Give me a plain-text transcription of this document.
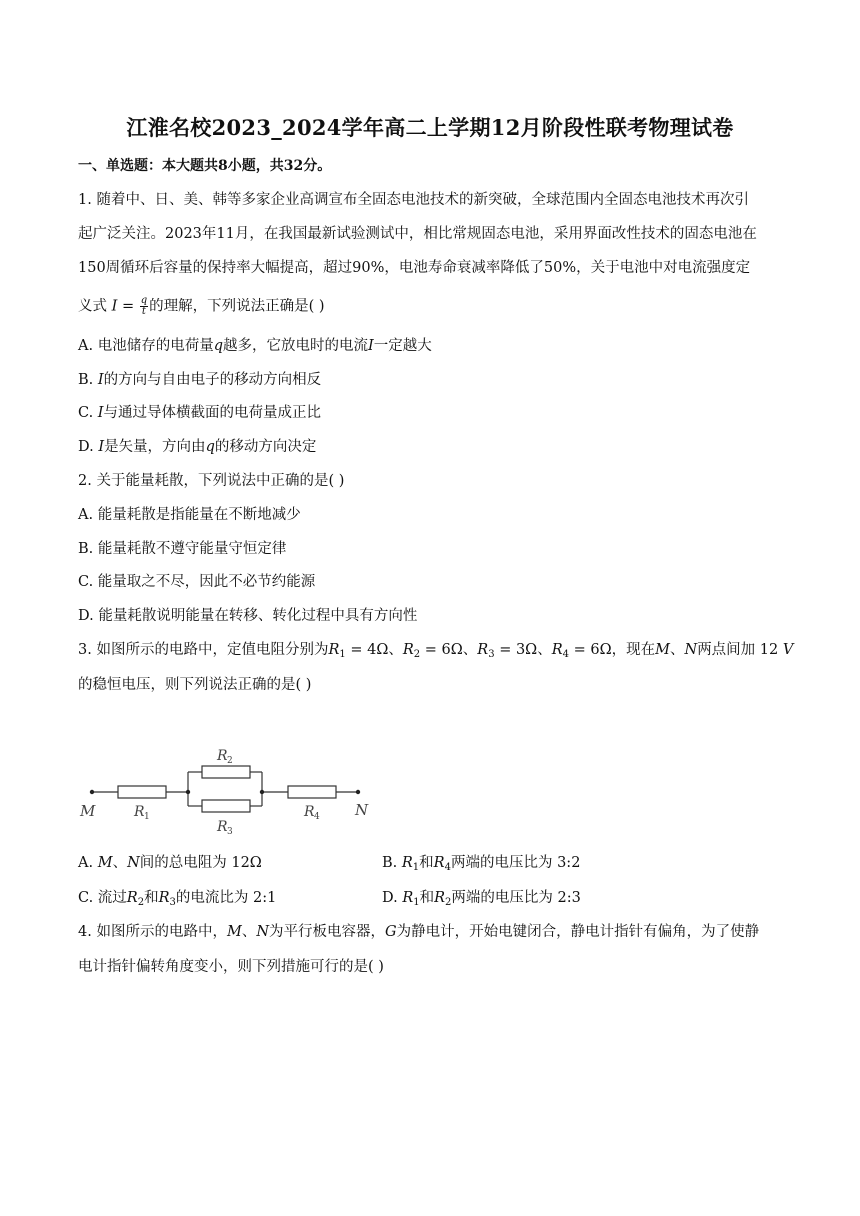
江淮名校2023_2024学年高二上学期12月阶段性联考物理试卷
一、单选题：本大题共8小题，共32分。
1. 随着中、日、美、韩等多家企业高调宣布全固态电池技术的新突破，全球范围内全固态电池技术再次引
起广泛关注。2023年11月，在我国最新试验测试中，相比常规固态电池，采用界面改性技术的固态电池在
150周循环后容量的保持率大幅提高，超过90%，电池寿命衰减率降低了50%，关于电池中对电流强度定
义式 $I = \frac{q}{t}$ 的理解，下列说法正确是( )
A. 电池储存的电荷量q越多，它放电时的电流I一定越大
B. I的方向与自由电子的移动方向相反
C. I与通过导体横截面的电荷量成正比
D. I是矢量，方向由q的移动方向决定
2. 关于能量耗散，下列说法中正确的是( )
A. 能量耗散是指能量在不断地减少
B. 能量耗散不遵守能量守恒定律
C. 能量取之不尽，因此不必节约能源
D. 能量耗散说明能量在转移、转化过程中具有方向性
3. 如图所示的电路中，定值电阻分别为$R_1 = 4\Omega$、$R_2 = 6\Omega$、$R_3 = 3\Omega$、$R_4 = 6\Omega$，现在M、N两点间加 12 V
的稳恒电压，则下列说法正确的是( )
M	N
R
R
R
R
1
2
3
4
A. M、N间的总电阻为 12Ω	B. $R_1$和$R_4$两端的电压比为 3:2
C. 流过$R_2$和$R_3$的电流比为 2:1	D. $R_1$和$R_2$两端的电压比为 2:3
4. 如图所示的电路中，M、N为平行板电容器，G为静电计，开始电键闭合，静电计指针有偏角，为了使静
电计指针偏转角度变小，则下列措施可行的是( )
